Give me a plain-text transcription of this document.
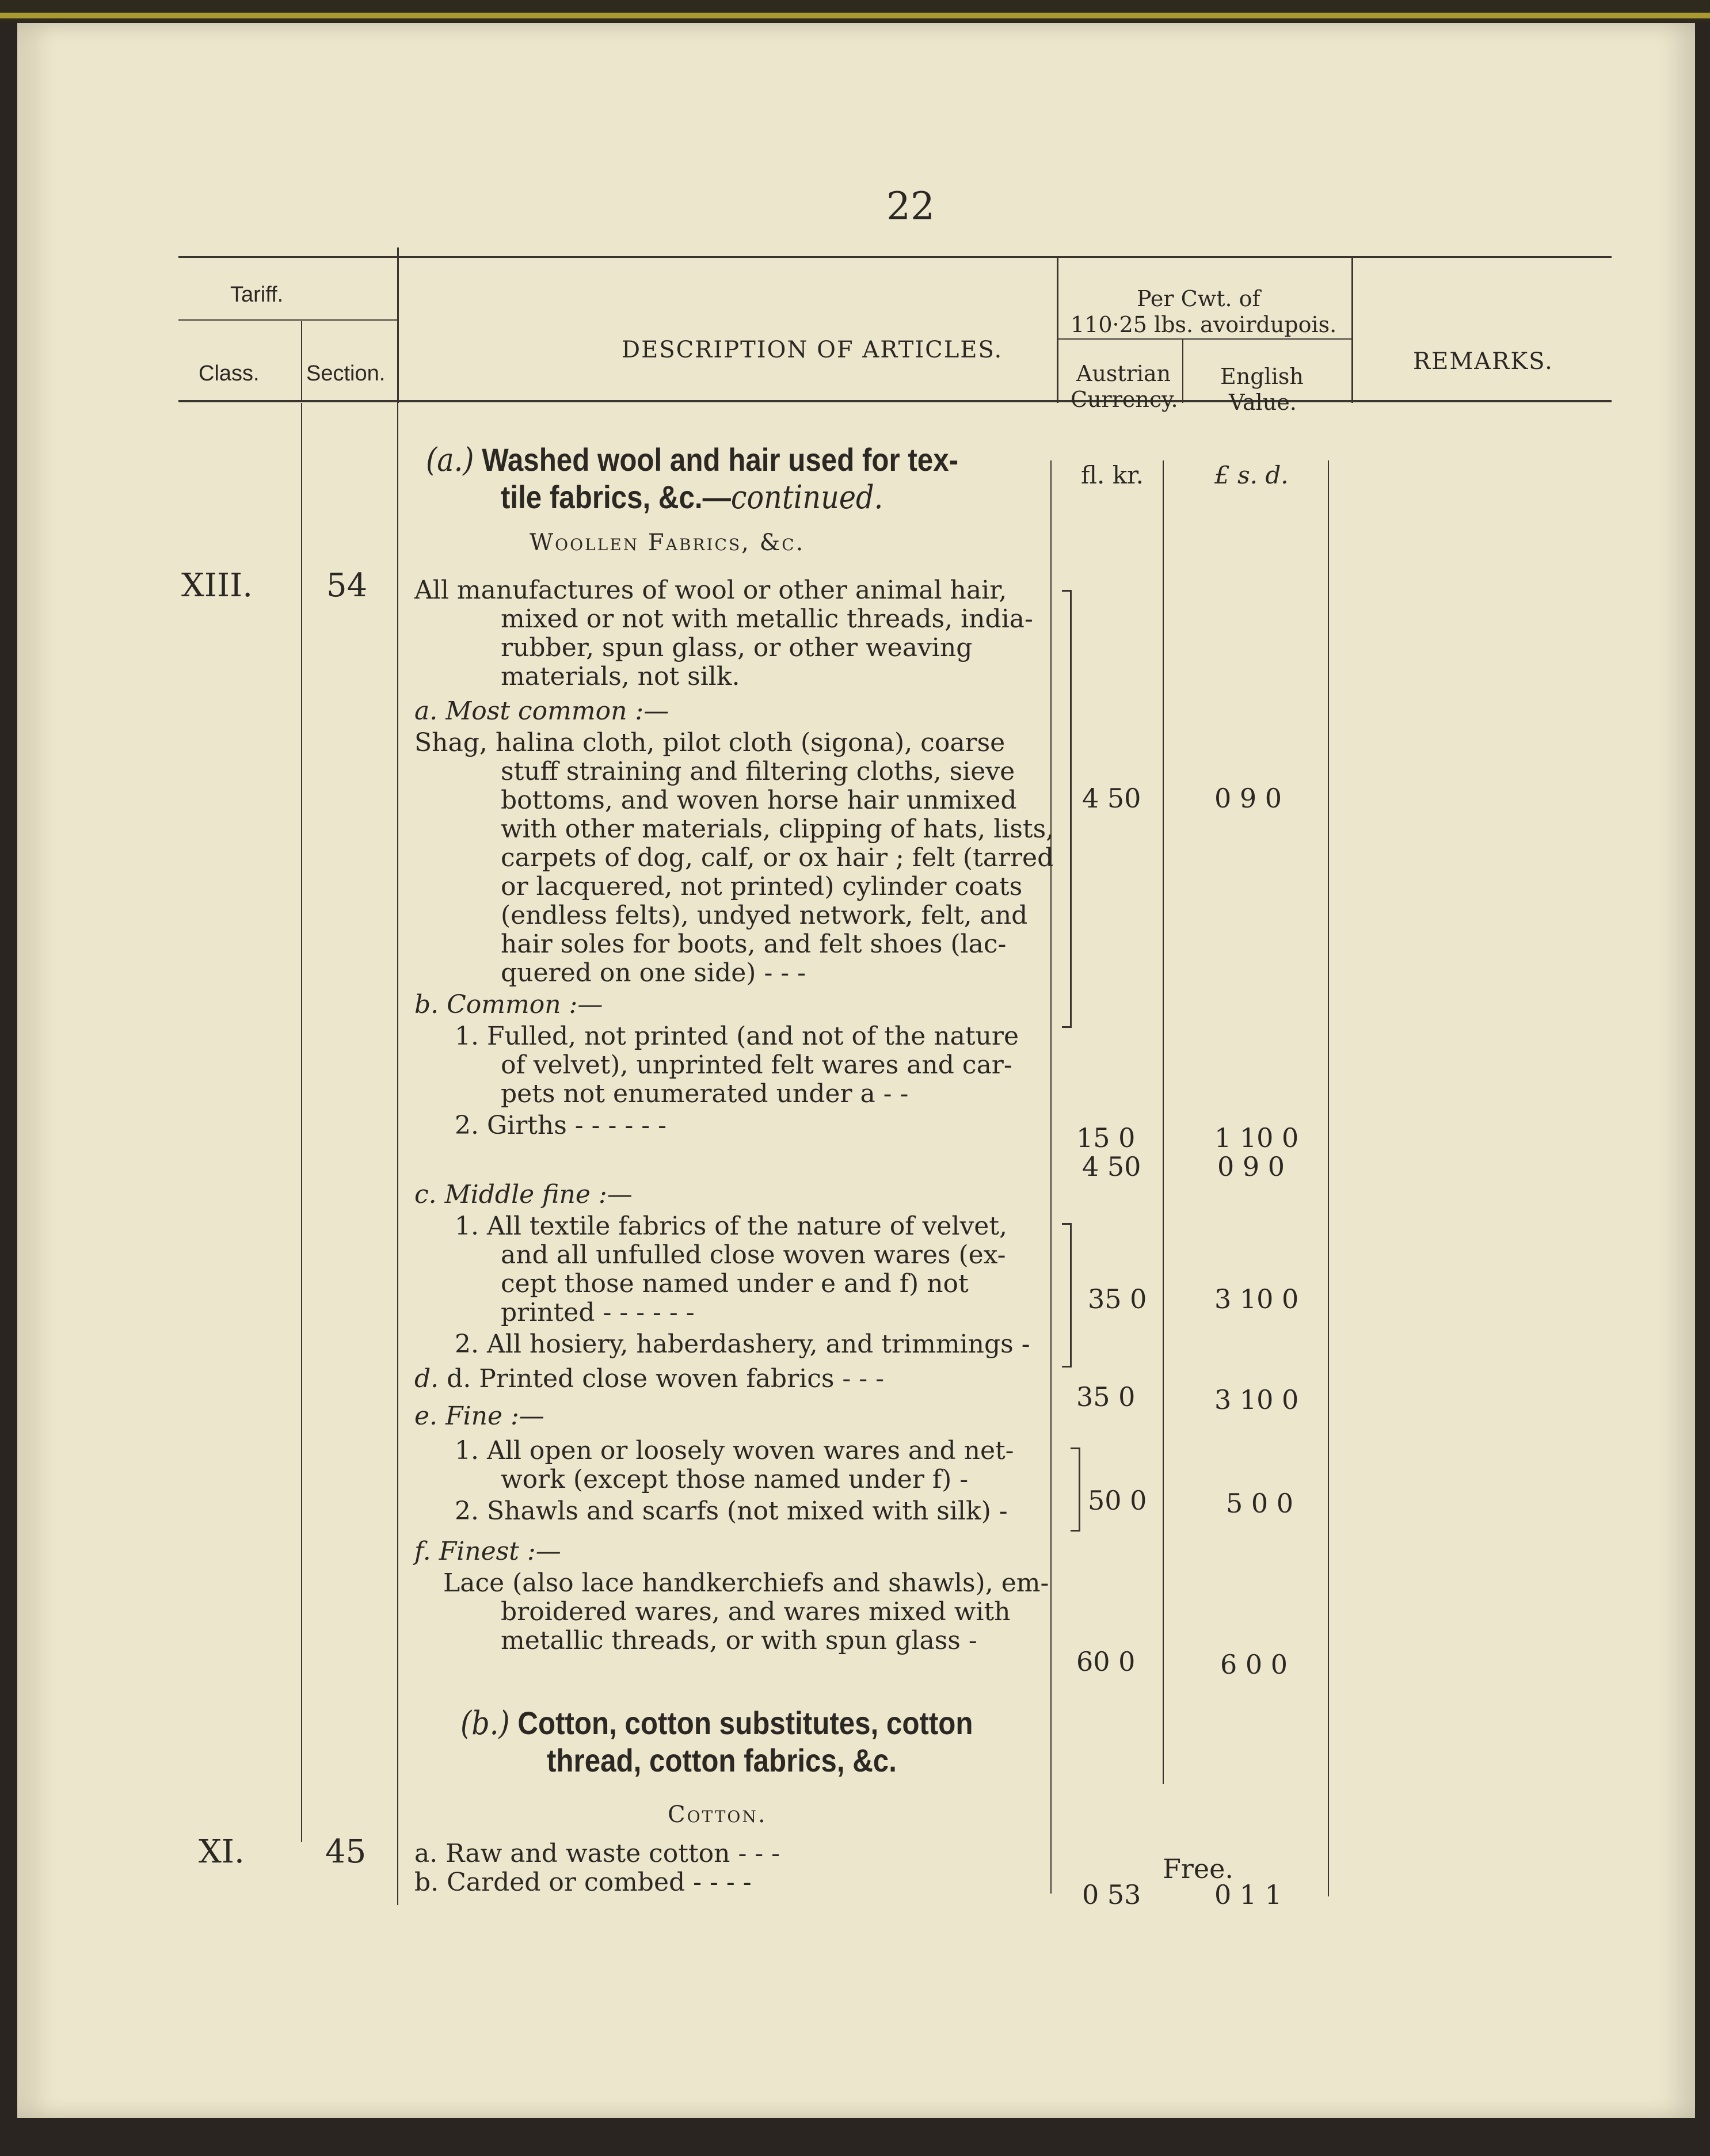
22
Tariff.
Class. Section.
DESCRIPTION OF ARTICLES.
Per Cwt. of
110·25 lbs. avoirdupois.
Austrian
Currency.
English
Value.
REMARKS.
(a.) Washed wool and hair used for tex-
tile fabrics, &c.—continued.
fl. kr.	£ s. d.
Woollen Fabrics, &c.
XIII. 54 All manufactures of wool or other animal hair,
mixed or not with metallic threads, india-
rubber, spun glass, or other weaving
materials, not silk.
a. Most common :—
Shag, halina cloth, pilot cloth (sigona), coarse
stuff straining and filtering cloths, sieve
bottoms, and woven horse hair unmixed
with other materials, clipping of hats, lists,
carpets of dog, calf, or ox hair ; felt (tarred
or lacquered, not printed) cylinder coats
(endless felts), undyed network, felt, and
hair soles for boots, and felt shoes (lac-
quered on one side) - - -
4 50	0 9 0
b. Common :—
1. Fulled, not printed (and not of the nature
of velvet), unprinted felt wares and car-
pets not enumerated under a - -
15 0	1 10 0
2. Girths - - - - - -
4 50	0 9 0
c. Middle fine :—
1. All textile fabrics of the nature of velvet,
and all unfulled close woven wares (ex-
cept those named under e and f) not
printed - - - - - -
2. All hosiery, haberdashery, and trimmings -
35 0	3 10 0
d. d. Printed close woven fabrics - - -
35 0	3 10 0
e. Fine :—
1. All open or loosely woven wares and net-
work (except those named under f) -
2. Shawls and scarfs (not mixed with silk) -	50 0	5 0 0
f. Finest :—
Lace (also lace handkerchiefs and shawls), em-
broidered wares, and wares mixed with
metallic threads, or with spun glass -
60 0	6 0 0
(b.) Cotton, cotton substitutes, cotton
thread, cotton fabrics, &c.
Cotton.
XI.	45 a. Raw and waste cotton - - -	Free.
b. Carded or combed - - - -	0 53	0 1 1
